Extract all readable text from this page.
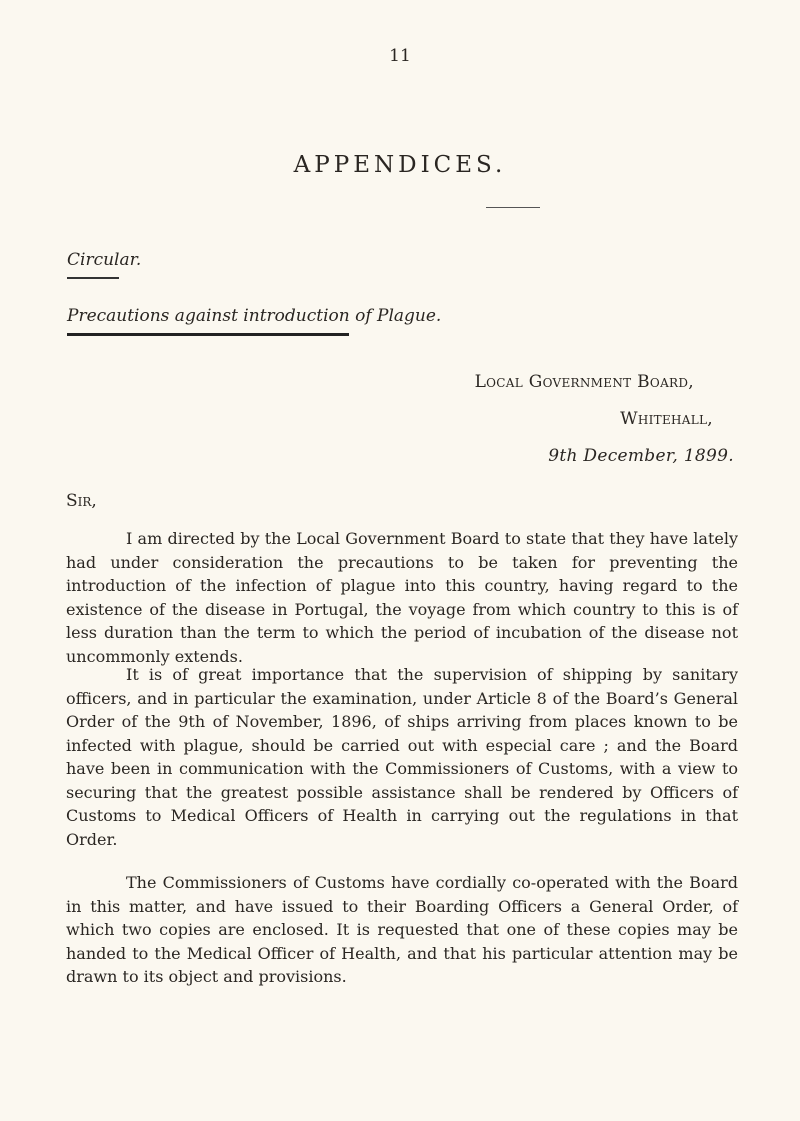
11
APPENDICES.
Circular.
Precautions against introduction of Plague.
Local Government Board,
Whitehall,
9th December, 1899.
Sir,

I am directed by the Local Government Board to state that they have lately had under consideration the precautions to be taken for preventing the introduction of the infection of plague into this country, having regard to the existence of the disease in Portugal, the voyage from which country to this is of less duration than the term to which the period of incubation of the disease not uncommonly extends.

It is of great importance that the supervision of shipping by sanitary officers, and in particular the examination, under Article 8 of the Board’s General Order of the 9th of November, 1896, of ships arriving from places known to be infected with plague, should be carried out with especial care ; and the Board have been in communication with the Commissioners of Customs, with a view to securing that the greatest possible assistance shall be rendered by Officers of Customs to Medical Officers of Health in carrying out the regulations in that Order.

The Commissioners of Customs have cordially co-operated with the Board in this matter, and have issued to their Boarding Officers a General Order, of which two copies are enclosed. It is requested that one of these copies may be handed to the Medical Officer of Health, and that his particular attention may be drawn to its object and provisions.
